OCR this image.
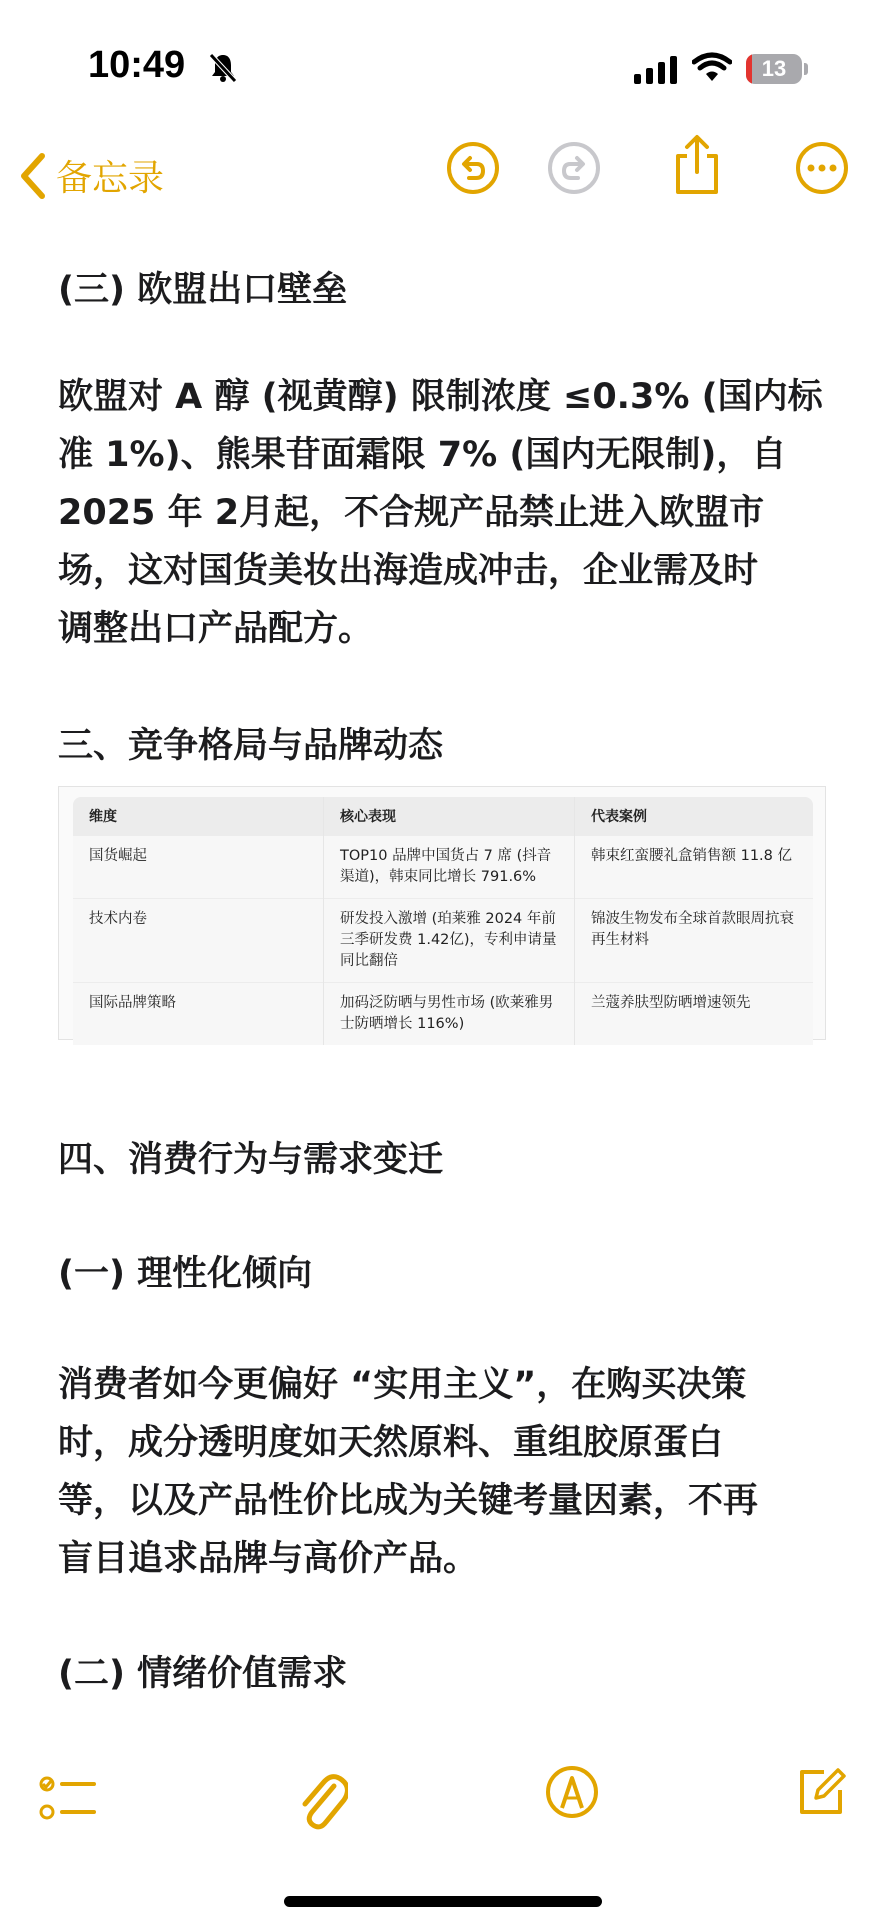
10:49	13
备忘录
(三) 欧盟出口壁垒

欧盟对 A 醇 (视黄醇) 限制浓度 ≤0.3% (国内标

准 1%)、熊果苷面霜限 7% (国内无限制)，自

2025 年 2月起，不合规产品禁止进入欧盟市

场，这对国货美妆出海造成冲击，企业需及时

调整出口产品配方。

三、竞争格局与品牌动态
维度	核心表现	代表案例
国货崛起	TOP10 品牌中国货占 7 席 (抖音渠道)，韩束同比增长 791.6%	韩束红蛮腰礼盒销售额 11.8 亿
技术内卷	研发投入激增 (珀莱雅 2024 年前三季研发费 1.42亿)，专利申请量同比翻倍	锦波生物发布全球首款眼周抗衰再生材料
国际品牌策略	加码泛防晒与男性市场 (欧莱雅男士防晒增长 116%)	兰蔻养肤型防晒增速领先
四、消费行为与需求变迁
(一) 理性化倾向

消费者如今更偏好 “实用主义”，在购买决策

时，成分透明度如天然原料、重组胶原蛋白

等，以及产品性价比成为关键考量因素，不再

盲目追求品牌与高价产品。

(二) 情绪价值需求
